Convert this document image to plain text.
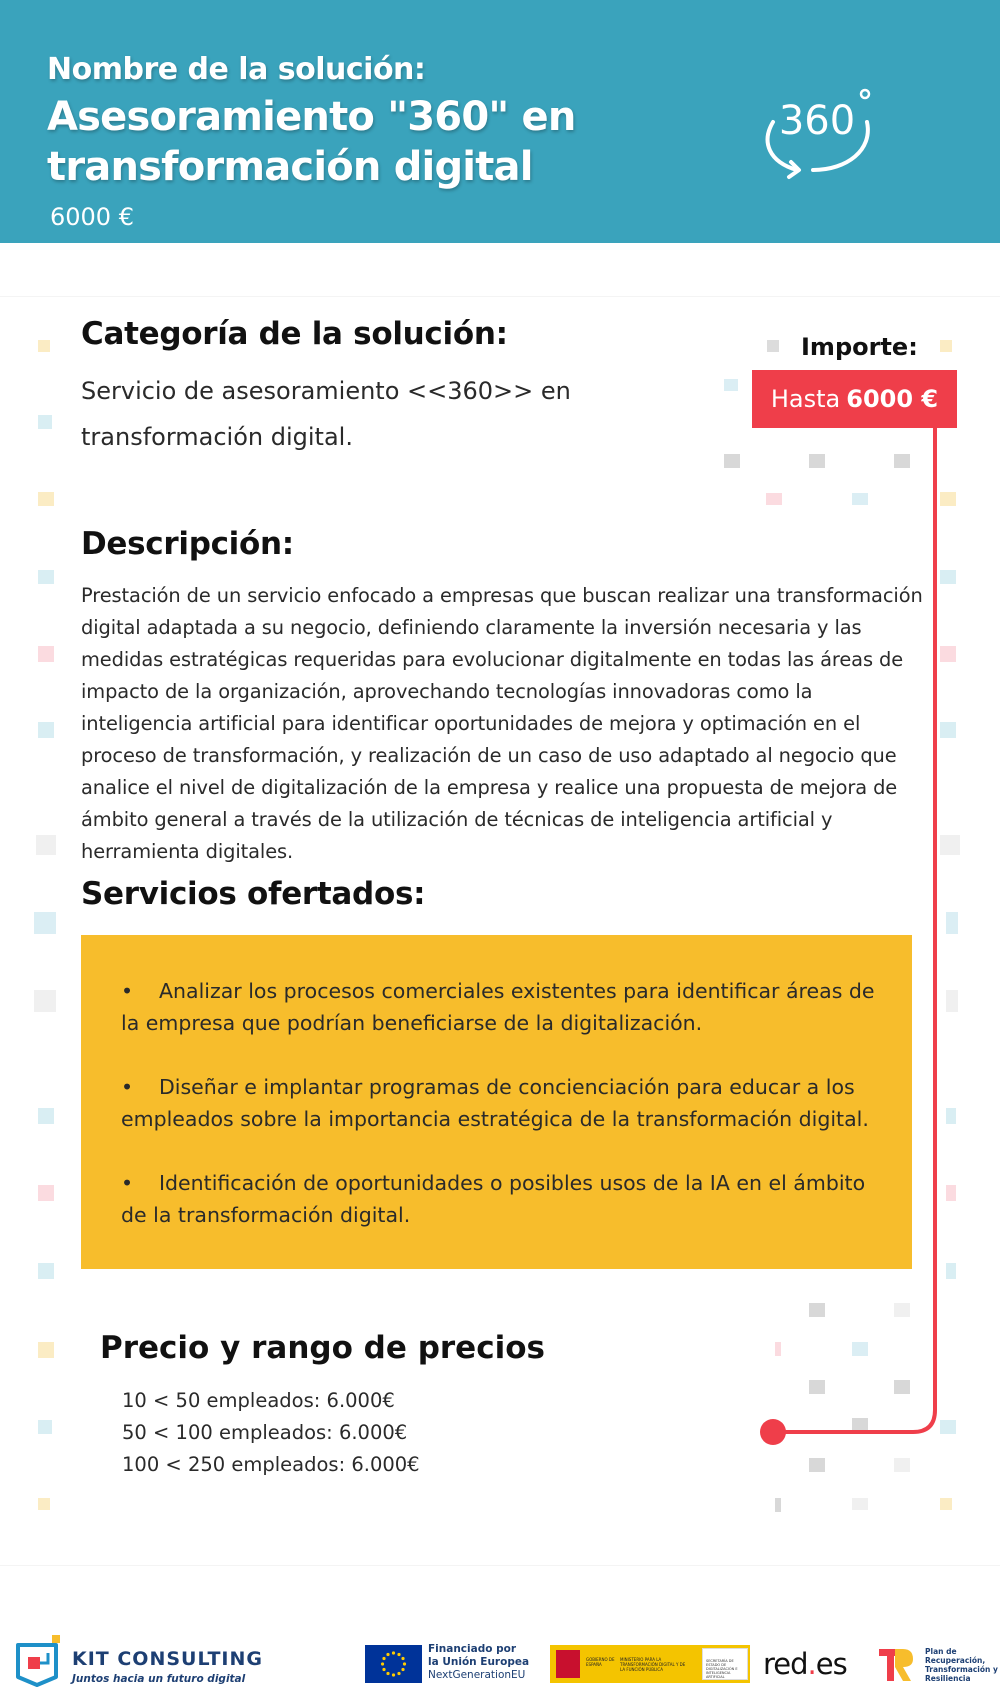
Nombre de la solución:
Asesoramiento "360" en transformación digital
6000 €
360
Categoría de la solución:
Servicio de asesoramiento <<360>> en transformación digital.
Importe:
Hasta 6000 €
Descripción:
Prestación de un servicio enfocado a empresas que buscan realizar una transformación digital adaptada a su negocio, definiendo claramente la inversión necesaria y las medidas estratégicas requeridas para evolucionar digitalmente en todas las áreas de impacto de la organización, aprovechando tecnologías innovadoras como la inteligencia artificial para identificar oportunidades de mejora y optimación en el proceso de transformación, y realización de un caso de uso adaptado al negocio que analice el nivel de digitalización de la empresa y realice una propuesta de mejora de ámbito general a través de la utilización de técnicas de inteligencia artificial y herramienta digitales.
Servicios ofertados:
• Analizar los procesos comerciales existentes para identificar áreas de la empresa que podrían beneficiarse de la digitalización.
• Diseñar e implantar programas de concienciación para educar a los empleados sobre la importancia estratégica de la transformación digital.
• Identificación de oportunidades o posibles usos de la IA en el ámbito de la transformación digital.
Precio y rango de precios
10 < 50 empleados: 6.000€
50 < 100 empleados: 6.000€
100 < 250 empleados: 6.000€
KIT CONSULTING
Juntos hacia un futuro digital
Financiado por
la Unión Europea
NextGenerationEU
GOBIERNO DE ESPAÑA
MINISTERIO PARA LA TRANSFORMACIÓN DIGITAL Y DE LA FUNCIÓN PÚBLICA
SECRETARÍA DE ESTADO DE DIGITALIZACIÓN E INTELIGENCIA ARTIFICIAL	red.es	Plan de Recuperación, Transformación y Resiliencia
